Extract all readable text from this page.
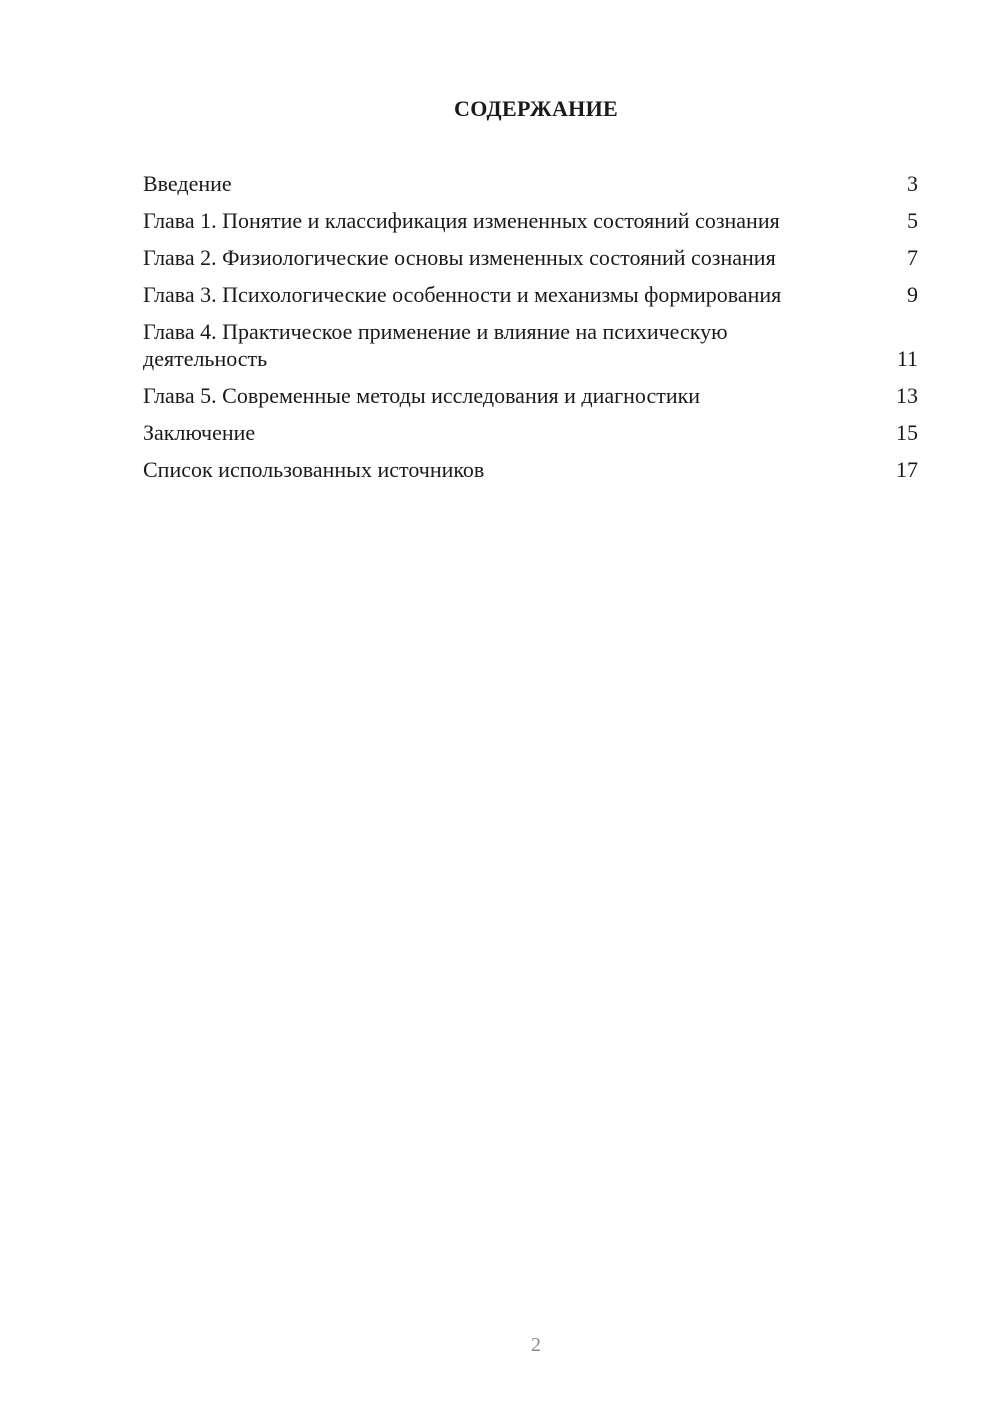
СОДЕРЖАНИЕ
Введение	3
Глава 1. Понятие и классификация измененных состояний сознания	5
Глава 2. Физиологические основы измененных состояний сознания	7
Глава 3. Психологические особенности и механизмы формирования	9
Глава 4. Практическое применение и влияние на психическую деятельность	11
Глава 5. Современные методы исследования и диагностики	13
Заключение	15
Список использованных источников	17
2
